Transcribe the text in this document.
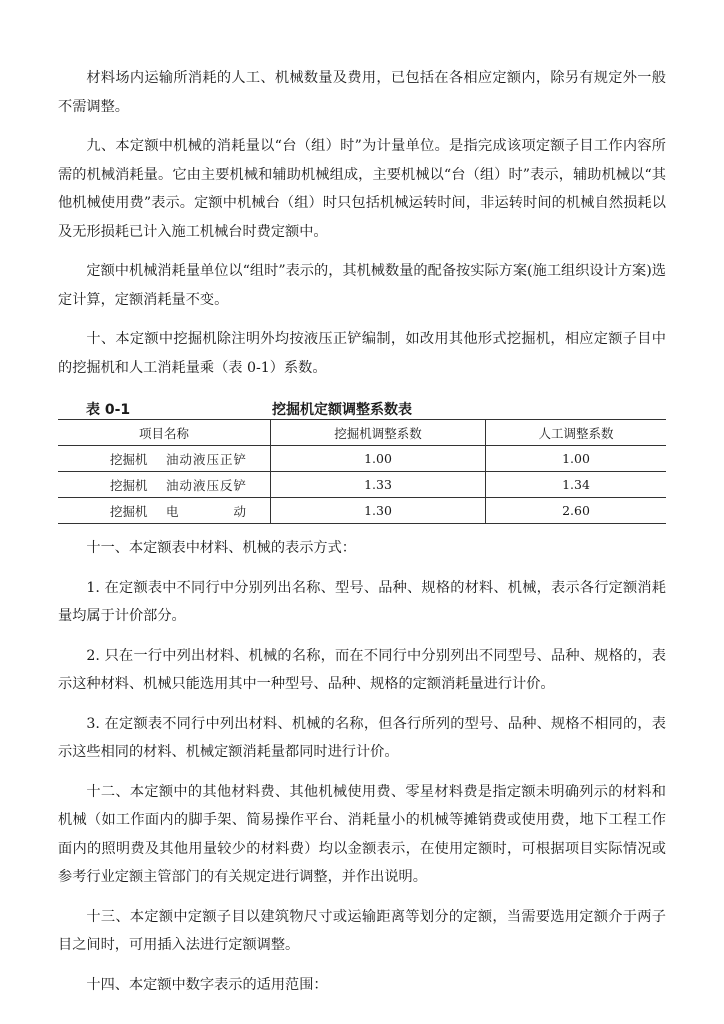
材料场内运输所消耗的人工、机械数量及费用，已包括在各相应定额内，除另有规定外一般不需调整。

九、本定额中机械的消耗量以“台（组）时”为计量单位。是指完成该项定额子目工作内容所需的机械消耗量。它由主要机械和辅助机械组成，主要机械以“台（组）时”表示，辅助机械以“其他机械使用费”表示。定额中机械台（组）时只包括机械运转时间，非运转时间的机械自然损耗以及无形损耗已计入施工机械台时费定额中。

定额中机械消耗量单位以“组时”表示的，其机械数量的配备按实际方案(施工组织设计方案)选定计算，定额消耗量不变。

十、本定额中挖掘机除注明外均按液压正铲编制，如改用其他形式挖掘机，相应定额子目中的挖掘机和人工消耗量乘（表 0-1）系数。

表 0-1	挖掘机定额调整系数表
项目名称	挖掘机调整系数	人工调整系数
挖掘机 油动液压正铲	1.00	1.00
挖掘机 油动液压反铲	1.33	1.34
挖掘机 电动	1.30	2.60

十一、本定额表中材料、机械的表示方式：

1. 在定额表中不同行中分别列出名称、型号、品种、规格的材料、机械，表示各行定额消耗量均属于计价部分。

2. 只在一行中列出材料、机械的名称，而在不同行中分别列出不同型号、品种、规格的，表示这种材料、机械只能选用其中一种型号、品种、规格的定额消耗量进行计价。

3. 在定额表不同行中列出材料、机械的名称，但各行所列的型号、品种、规格不相同的，表示这些相同的材料、机械定额消耗量都同时进行计价。

十二、本定额中的其他材料费、其他机械使用费、零星材料费是指定额未明确列示的材料和机械（如工作面内的脚手架、简易操作平台、消耗量小的机械等摊销费或使用费，地下工程工作面内的照明费及其他用量较少的材料费）均以金额表示，在使用定额时，可根据项目实际情况或参考行业定额主管部门的有关规定进行调整，并作出说明。

十三、本定额中定额子目以建筑物尺寸或运输距离等划分的定额，当需要选用定额介于两子目之间时，可用插入法进行定额调整。

十四、本定额中数字表示的适用范围：
